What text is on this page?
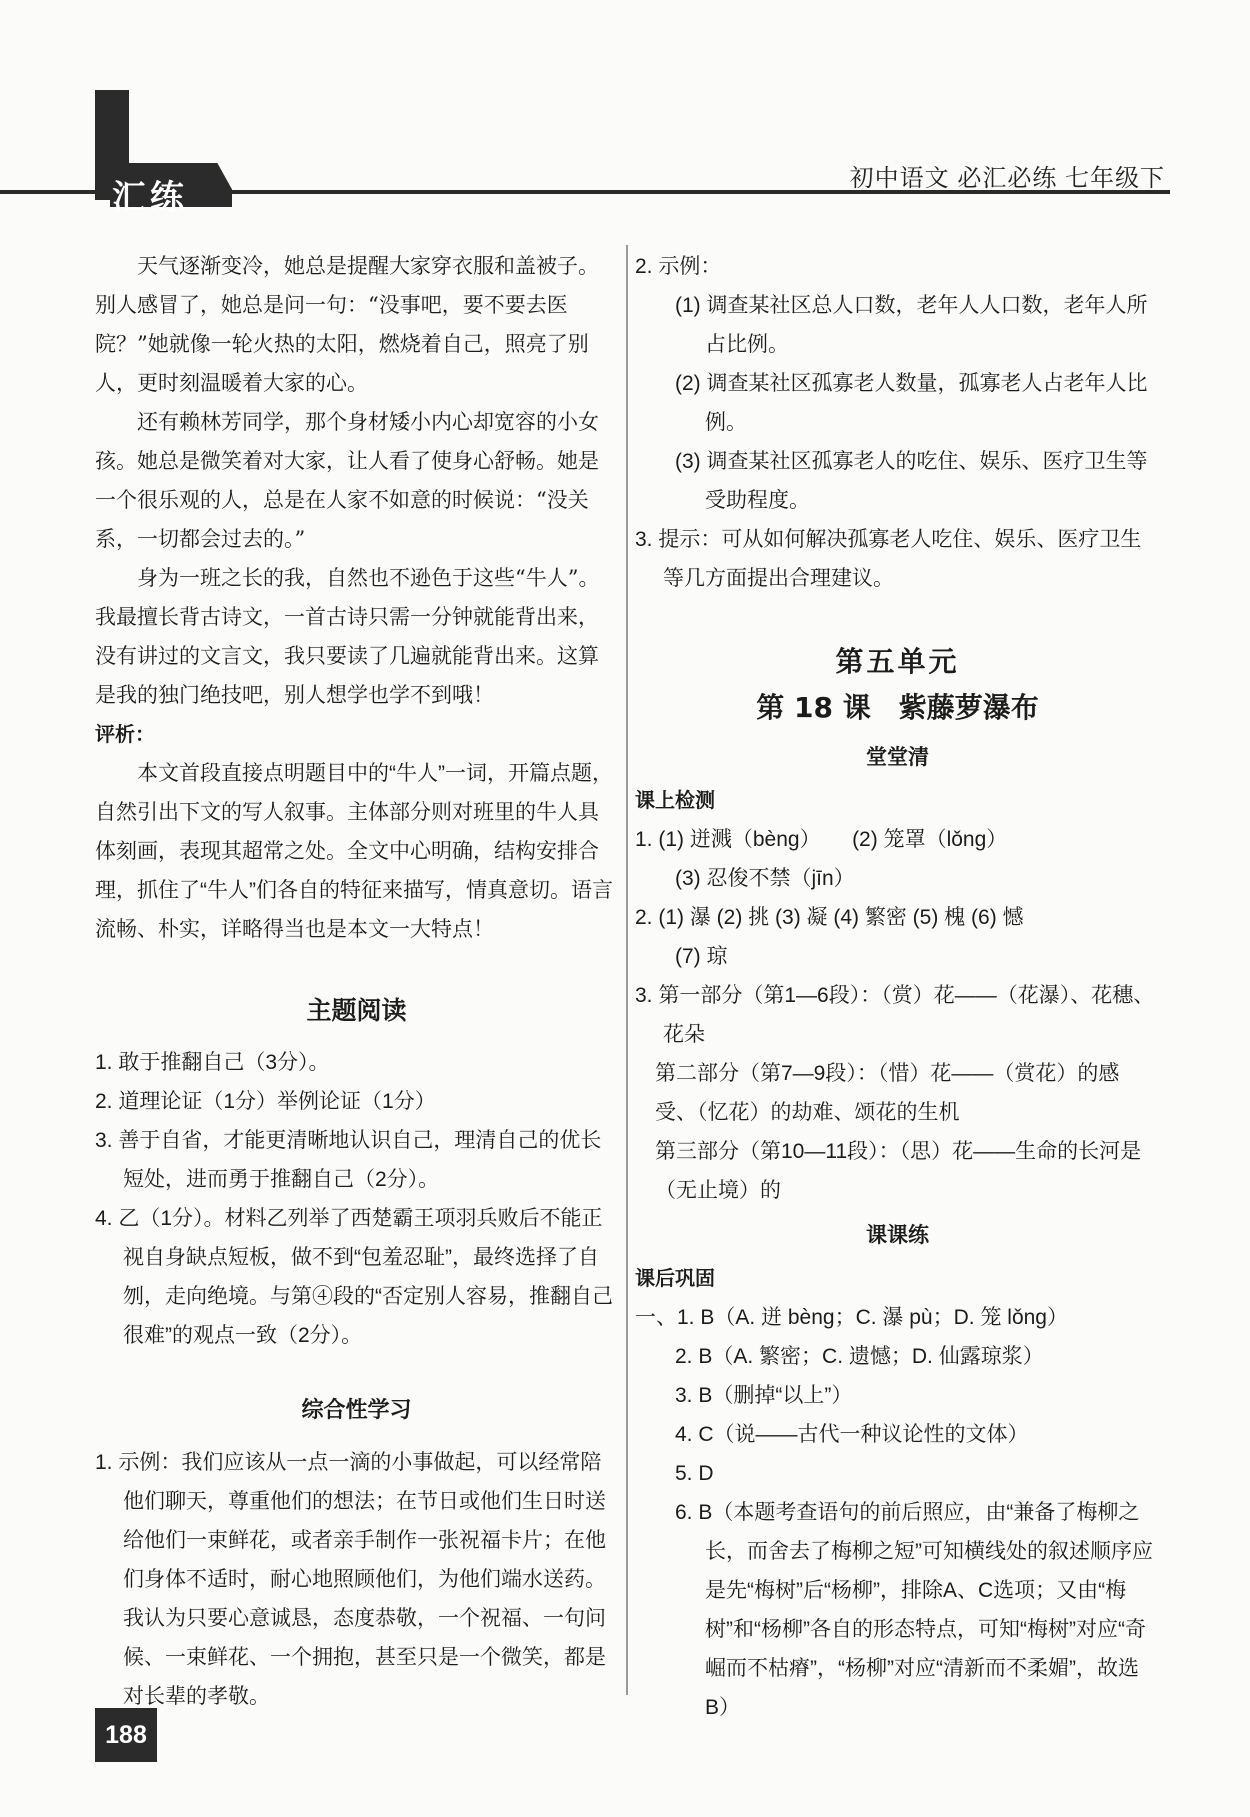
汇练	初中语文 必汇必练 七年级下

天气逐渐变冷，她总是提醒大家穿衣服和盖被子。别人感冒了，她总是问一句：“没事吧，要不要去医院？”她就像一轮火热的太阳，燃烧着自己，照亮了别人，更时刻温暖着大家的心。

还有赖林芳同学，那个身材矮小内心却宽容的小女孩。她总是微笑着对大家，让人看了使身心舒畅。她是一个很乐观的人，总是在人家不如意的时候说：“没关系，一切都会过去的。”

身为一班之长的我，自然也不逊色于这些“牛人”。我最擅长背古诗文，一首古诗只需一分钟就能背出来，没有讲过的文言文，我只要读了几遍就能背出来。这算是我的独门绝技吧，别人想学也学不到哦！

评析：

本文首段直接点明题目中的“牛人”一词，开篇点题，自然引出下文的写人叙事。主体部分则对班里的牛人具体刻画，表现其超常之处。全文中心明确，结构安排合理，抓住了“牛人”们各自的特征来描写，情真意切。语言流畅、朴实，详略得当也是本文一大特点！

主题阅读

1. 敢于推翻自己（3分）。

2. 道理论证（1分）举例论证（1分）

3. 善于自省，才能更清晰地认识自己，理清自己的优长短处，进而勇于推翻自己（2分）。

4. 乙（1分）。材料乙列举了西楚霸王项羽兵败后不能正视自身缺点短板，做不到“包羞忍耻”，最终选择了自刎，走向绝境。与第④段的“否定别人容易，推翻自己很难”的观点一致（2分）。

综合性学习

1. 示例：我们应该从一点一滴的小事做起，可以经常陪他们聊天，尊重他们的想法；在节日或他们生日时送给他们一束鲜花，或者亲手制作一张祝福卡片；在他们身体不适时，耐心地照顾他们，为他们端水送药。我认为只要心意诚恳，态度恭敬，一个祝福、一句问候、一束鲜花、一个拥抱，甚至只是一个微笑，都是对长辈的孝敬。

2. 示例：

(1) 调查某社区总人口数，老年人人口数，老年人所占比例。

(2) 调查某社区孤寡老人数量，孤寡老人占老年人比例。

(3) 调查某社区孤寡老人的吃住、娱乐、医疗卫生等受助程度。

3. 提示：可从如何解决孤寡老人吃住、娱乐、医疗卫生等几方面提出合理建议。

第五单元
第 18 课　紫藤萝瀑布
堂堂清

课上检测

1. (1) 迸溅（bèng）　　(2) 笼罩（lǒng）

(3) 忍俊不禁（jīn）

2. (1) 瀑 (2) 挑 (3) 凝 (4) 繁密 (5) 槐 (6) 憾

(7) 琼

3. 第一部分（第1—6段）：（赏）花——（花瀑）、花穗、花朵

第二部分（第7—9段）：（惜）花——（赏花）的感受、（忆花）的劫难、颂花的生机

第三部分（第10—11段）：（思）花——生命的长河是（无止境）的

课课练

课后巩固

一、1. B（A. 迸 bèng；C. 瀑 pù；D. 笼 lǒng）

2. B（A. 繁密；C. 遗憾；D. 仙露琼浆）

3. B（删掉“以上”）

4. C（说——古代一种议论性的文体）

5. D

6. B（本题考查语句的前后照应，由“兼备了梅柳之长，而舍去了梅柳之短”可知横线处的叙述顺序应是先“梅树”后“杨柳”，排除A、C选项；又由“梅树”和“杨柳”各自的形态特点，可知“梅树”对应“奇崛而不枯瘠”，“杨柳”对应“清新而不柔媚”，故选B）

188
